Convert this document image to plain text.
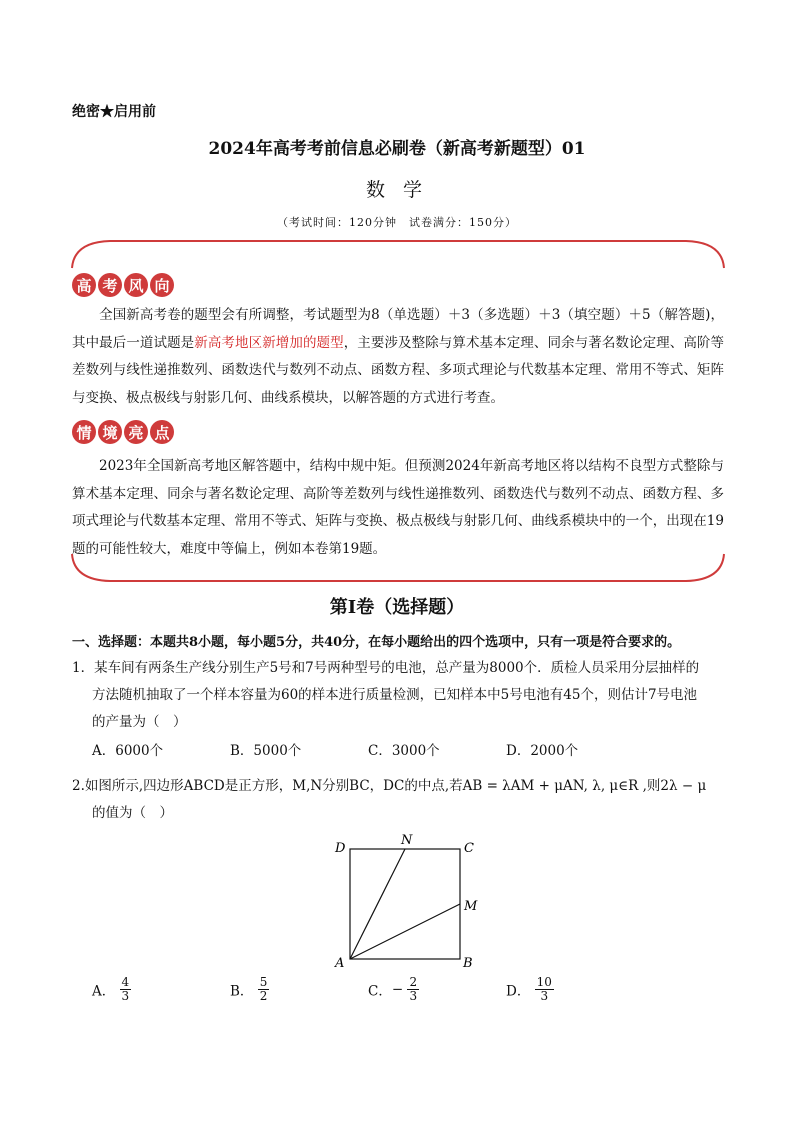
绝密★启用前
2024年高考考前信息必刷卷（新高考新题型）01
数 学
（考试时间：120分钟　试卷满分：150分）
高 考 风 向
全国新高考卷的题型会有所调整，考试题型为8（单选题）＋3（多选题）＋3（填空题）＋5（解答题)，其中最后一道试题是新高考地区新增加的题型，主要涉及整除与算术基本定理、同余与著名数论定理、高阶等差数列与线性递推数列、函数迭代与数列不动点、函数方程、多项式理论与代数基本定理、常用不等式、矩阵与变换、极点极线与射影几何、曲线系模块，以解答题的方式进行考查。
情 境 亮 点
2023年全国新高考地区解答题中，结构中规中矩。但预测2024年新高考地区将以结构不良型方式整除与算术基本定理、同余与著名数论定理、高阶等差数列与线性递推数列、函数迭代与数列不动点、函数方程、多项式理论与代数基本定理、常用不等式、矩阵与变换、极点极线与射影几何、曲线系模块中的一个，出现在19题的可能性较大，难度中等偏上，例如本卷第19题。
第I卷（选择题）
一、选择题：本题共8小题，每小题5分，共40分，在每小题给出的四个选项中，只有一项是符合要求的。
1．某车间有两条生产线分别生产5号和7号两种型号的电池，总产量为8000个．质检人员采用分层抽样的
方法随机抽取了一个样本容量为60的样本进行质量检测，已知样本中5号电池有45个，则估计7号电池
的产量为（　）
A．6000个	B．5000个	C．3000个	D．2000个
2.如图所示,四边形ABCD是正方形，M,N分别BC，DC的中点,若AB = λAM + μAN, λ, μ∈R ,则2λ − μ
的值为（　）
D
N
C
M
A	B
A． $\frac{4}{3}$	B． $\frac{5}{2}$	C．− $\frac{2}{3}$	D． $\frac{10}{3}$
